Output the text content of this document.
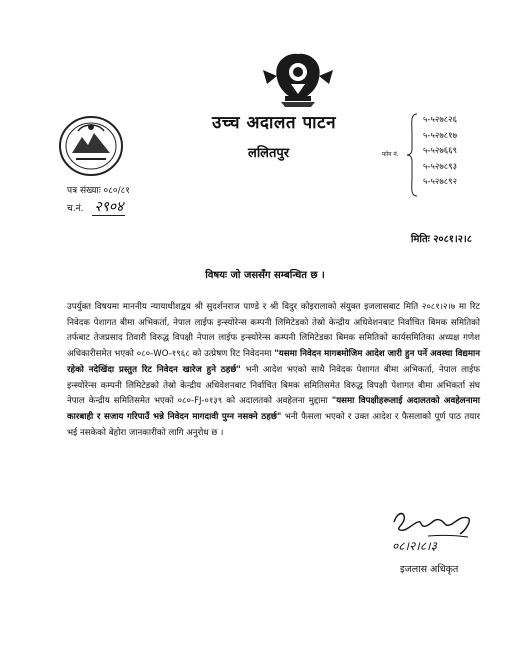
उच्च अदालत पाटन
ललितपुर	फोन नं.
५-५२७८२६
५-५२७८१७
५-५२७६६९
५-५२७८९३
५-५२७८९२
पत्र संख्याः ०८०/८१
च.नं. २९०४
मितिः २०८१।२।८
विषयः जो जससँग सम्बन्धित छ ।
उपर्युक्त विषयमा माननीय न्यायाधीशद्वय श्री सुदर्शनराज पाण्डे र श्री विदुर कोइरालाको संयुक्त इजलासबाट मिति २०८१।२।७ मा रिट निवेदक पेशागत बीमा अभिकर्ता, नेपाल लाईफ इन्स्योरेन्स कम्पनी लिमिटेडको तेस्रो केन्द्रीय अधिवेशनबाट निर्वाचित बिमक समितिको तर्फबाट तेजप्रसाद तिवारी विरुद्ध विपक्षी नेपाल लाईफ इन्स्योरेन्स कम्पनी लिमिटेडका बिमक समितिको कार्यसमितिका अध्यक्ष गणेश अधिकारीसमेत भएको ०८०-WO-१९६८ को उत्प्रेषण रिट निवेदनमा "यसमा निवेदन मागबमोजिम आदेश जारी हुन पर्ने अवस्था विद्यमान रहेको नदेखिंदा प्रस्तुत रिट निवेदन खारेज हुने ठहर्छ" भनी आदेश भएको साथै निवेदक पेशागत बीमा अभिकर्ता, नेपाल लाईफ इन्स्योरेन्स कम्पनी लिमिटेडको तेस्रो केन्द्रीय अधिवेशनबाट निर्वाचित बिमक समितिसमेत विरुद्ध विपक्षी पेशागत बीमा अभिकर्ता संघ नेपाल केन्द्रीय समितिसमेत भएको ०८०-FJ-०१३९ को अदालतको अवहेलना मुद्दामा "यसमा विपक्षीहरूलाई अदालतको अवहेलनामा कारबाही र सजाय गरिपाउँ भन्ने निवेदन मागदावी पुग्न नसक्ने ठहर्छ" भनी फैसला भएको र उक्त आदेश र फैसलाको पूर्ण पाठ तयार भई नसकेको बेहोरा जानकारीको लागि अनुरोध छ ।
०८।२।८।३
इजलास अधिकृत
